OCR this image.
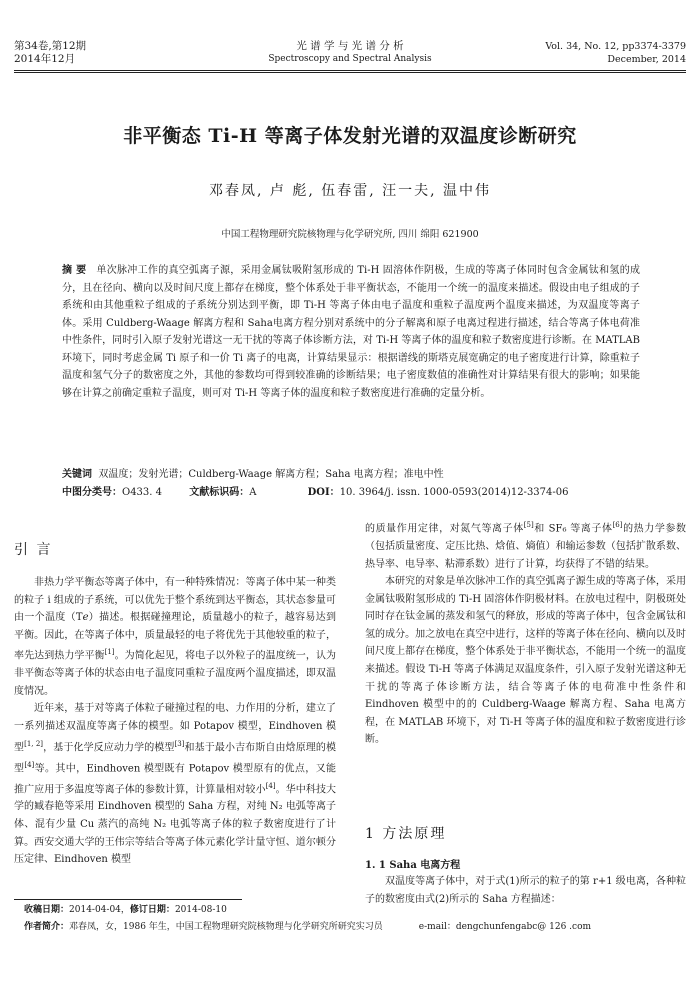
第34卷,第12期
2014年12月
光 谱 学 与 光 谱 分 析
Spectroscopy and Spectral Analysis
Vol. 34, No. 12, pp3374-3379
December, 2014
非平衡态 Ti-H 等离子体发射光谱的双温度诊断研究
邓春凤, 卢 彪, 伍春雷, 汪一夫, 温中伟
中国工程物理研究院核物理与化学研究所, 四川 绵阳 621900
摘 要 单次脉冲工作的真空弧离子源，采用金属钛吸附氢形成的 Ti-H 固溶体作阴极，生成的等离子体同时包含金属钛和氢的成分，且在径向、横向以及时间尺度上都存在梯度，整个体系处于非平衡状态，不能用一个统一的温度来描述。假设由电子组成的子系统和由其他重粒子组成的子系统分别达到平衡，即 Ti-H 等离子体由电子温度和重粒子温度两个温度来描述，为双温度等离子体。采用 Culdberg-Waage 解离方程和 Saha电离方程分别对系统中的分子解离和原子电离过程进行描述，结合等离子体电荷准中性条件，同时引入原子发射光谱这一无干扰的等离子体诊断方法，对 Ti-H 等离子体的温度和粒子数密度进行诊断。在 MATLAB 环境下，同时考虑金属 Ti 原子和一价 Ti 离子的电离，计算结果显示：根据谱线的斯塔克展宽确定的电子密度进行计算，除重粒子温度和氢气分子的数密度之外，其他的参数均可得到较准确的诊断结果；电子密度数值的准确性对计算结果有很大的影响；如果能够在计算之前确定重粒子温度，则可对 Ti-H 等离子体的温度和粒子数密度进行准确的定量分析。
关键词 双温度；发射光谱；Culdberg-Waage 解离方程；Saha 电离方程；准电中性
中图分类号：O433. 4	文献标识码：A	DOI：10. 3964/j. issn. 1000-0593(2014)12-3374-06
引 言

非热力学平衡态等离子体中，有一种特殊情况：等离子体中某一种类的粒子 i 组成的子系统，可以优先于整个系统到达平衡态，其状态参量可由一个温度（Te）描述。根据碰撞理论，质量越小的粒子，越容易达到平衡。因此，在等离子体中，质量最轻的电子将优先于其他较重的粒子，率先达到热力学平衡[1]。为简化起见，将电子以外粒子的温度统一，认为非平衡态等离子体的状态由电子温度同重粒子温度两个温度描述，即双温度情况。

近年来，基于对等离子体粒子碰撞过程的电、力作用的分析，建立了一系列描述双温度等离子体的模型。如 Potapov 模型，Eindhoven 模型[1, 2]，基于化学反应动力学的模型[3]和基于最小吉布斯自由焓原理的模型[4]等。其中，Eindhoven 模型既有 Potapov 模型原有的优点，又能推广应用于多温度等离子体的参数计算，计算量相对较小[4]。华中科技大学的臧春艳等采用 Eindhoven 模型的 Saha 方程，对纯 N₂ 电弧等离子体、混有少量 Cu 蒸汽的高纯 N₂ 电弧等离子体的粒子数密度进行了计算。西安交通大学的王伟宗等结合等离子体元素化学计量守恒、道尔顿分压定律、Eindhoven 模型

的质量作用定律，对氮气等离子体[5]和 SF₆ 等离子体[6]的热力学参数（包括质量密度、定压比热、焓值、熵值）和输运参数（包括扩散系数、热导率、电导率、粘滞系数）进行了计算，均获得了不错的结果。

本研究的对象是单次脉冲工作的真空弧离子源生成的等离子体，采用金属钛吸附氢形成的 Ti-H 固溶体作阴极材料。在放电过程中，阴极斑处同时存在钛金属的蒸发和氢气的释放，形成的等离子体中，包含金属钛和氢的成分。加之放电在真空中进行，这样的等离子体在径向、横向以及时间尺度上都存在梯度，整个体系处于非平衡状态，不能用一个统一的温度来描述。假设 Ti-H 等离子体满足双温度条件，引入原子发射光谱这种无干扰的等离子体诊断方法，结合等离子体的电荷准中性条件和 Eindhoven 模型中的的 Culdberg-Waage 解离方程、Saha 电离方程，在 MATLAB 环境下，对 Ti-H 等离子体的温度和粒子数密度进行诊断。

1 方法原理
1. 1 Saha 电离方程

双温度等离子体中，对于式(1)所示的粒子的第 r+1 级电离，各种粒子的数密度由式(2)所示的 Saha 方程描述：

收稿日期：2014-04-04，修订日期：2014-08-10
作者简介：邓春凤，女，1986 年生，中国工程物理研究院核物理与化学研究所研究实习员	e-mail：dengchunfengabc@ 126 .com
